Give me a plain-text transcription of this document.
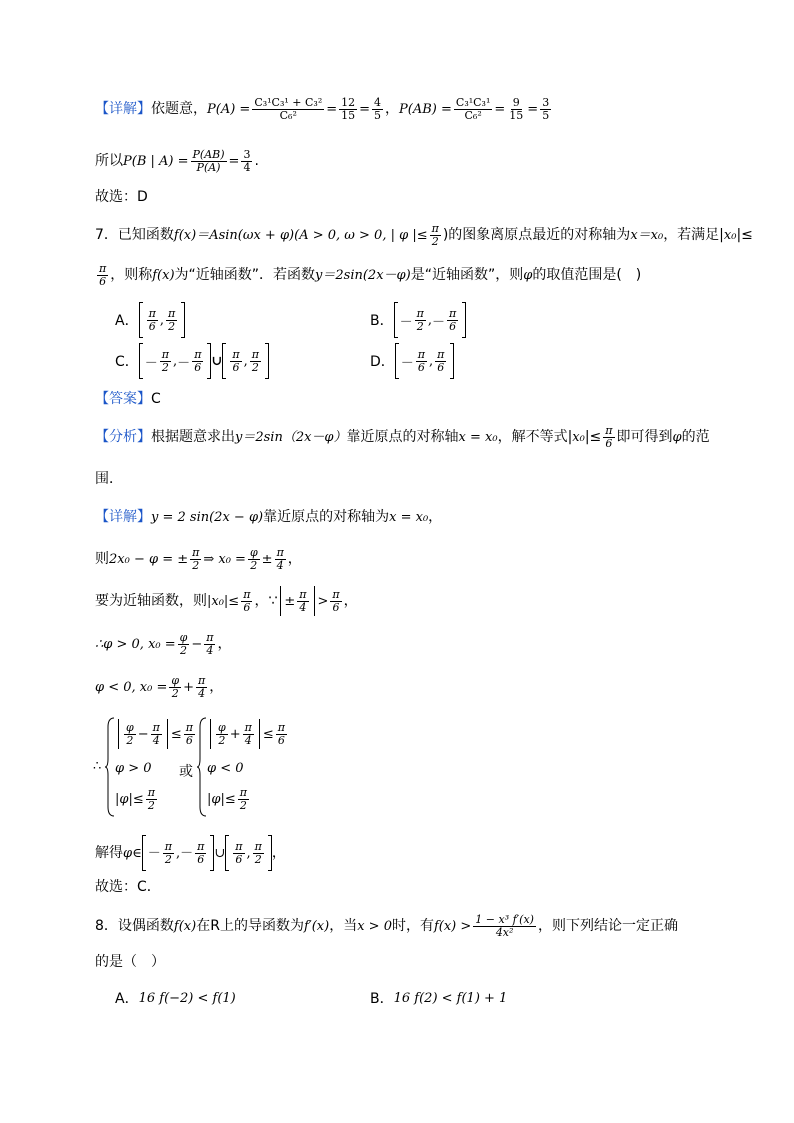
【详解】 依题意， $P(A) = \frac{\text{C₃¹C₃¹ + C₃²}}{\text{C₆²}} = \frac{12}{15} = \frac{4}{5}$ ， $P(AB) = \frac{\text{C₃¹C₃¹}}{\text{C₆²}} = \frac{9}{15} = \frac{3}{5}$
所以 P(B | $A) = \frac{P(AB)}{P(A)} = \frac{3}{4}$ .
故选：D
7．已知函数 f(x)＝Asin(ωx + φ)(A > 0, ω > 0, | φ |≤ $\frac{\pi}{2}$ )的图象离原点最近的对称轴为 x＝x₀ ，若满足| x₀ |≤
$\frac{\pi}{6}$ ，则称 f(x) 为“近轴函数”．若函数 y＝2sin(2x－φ) 是“近轴函数”，则 φ 的取值范围是(　)
A． $\frac{\pi}{6}$ , $\frac{\pi}{2}$	B． － $\frac{\pi}{2}$ , － $\frac{\pi}{6}$
C． － $\frac{\pi}{2}$ , － $\frac{\pi}{6}$ ∪ $\frac{\pi}{6}$ , $\frac{\pi}{2}$	D． － $\frac{\pi}{6}$ , $\frac{\pi}{6}$
【答案】 C
【分析】 根据题意求出 y＝2sin（2x－φ） 靠近原点的对称轴 x = x₀ ，解不等式| x₀ |≤ $\frac{\pi}{6}$ 即可得到 φ 的范
围．
【详解】 y = 2 sin(2x − φ) 靠近原点的对称轴为 x = x₀ ，
则 2x₀ − φ = ± $\frac{\pi}{2}$ ⇒ $x_0 = \frac{\varphi}{2} \pm \frac{\pi}{4}$ ，
要为近轴函数，则 $|x_0|\le \frac{\pi}{6}$ ，∵ ± $\frac{\pi}{4} > \frac{\pi}{6}$ ，
∴φ > 0, $x_0 = \frac{\varphi}{2} - \frac{\pi}{4}$ ，
φ < 0, $x_0 = \frac{\varphi}{2} + \frac{\pi}{4}$ ，
∴
$\frac{\varphi}{2} - \frac{\pi}{4} \le \frac{\pi}{6}$
φ > 0
$|\varphi|\le \frac{\pi}{2}$
或
$\frac{\varphi}{2} + \frac{\pi}{4} \le \frac{\pi}{6}$
φ < 0
$|\varphi|\le \frac{\pi}{2}$
解得 φ∈ － $\frac{\pi}{2}$ , － $\frac{\pi}{6}$ ∪ $\frac{\pi}{6}$ , $\frac{\pi}{2}$ ，
故选：C．
8．设偶函数 f(x) 在R上的导函数为 f′(x) ，当 x > 0 时，有 $f(x) > \frac{\text{1 − x³ f′(x)}}{\text{4x²}}$ ，则下列结论一定正确
的是（　）
A． 16 f(−2) < f(1)	B． 16 f(2) < f(1) + 1
